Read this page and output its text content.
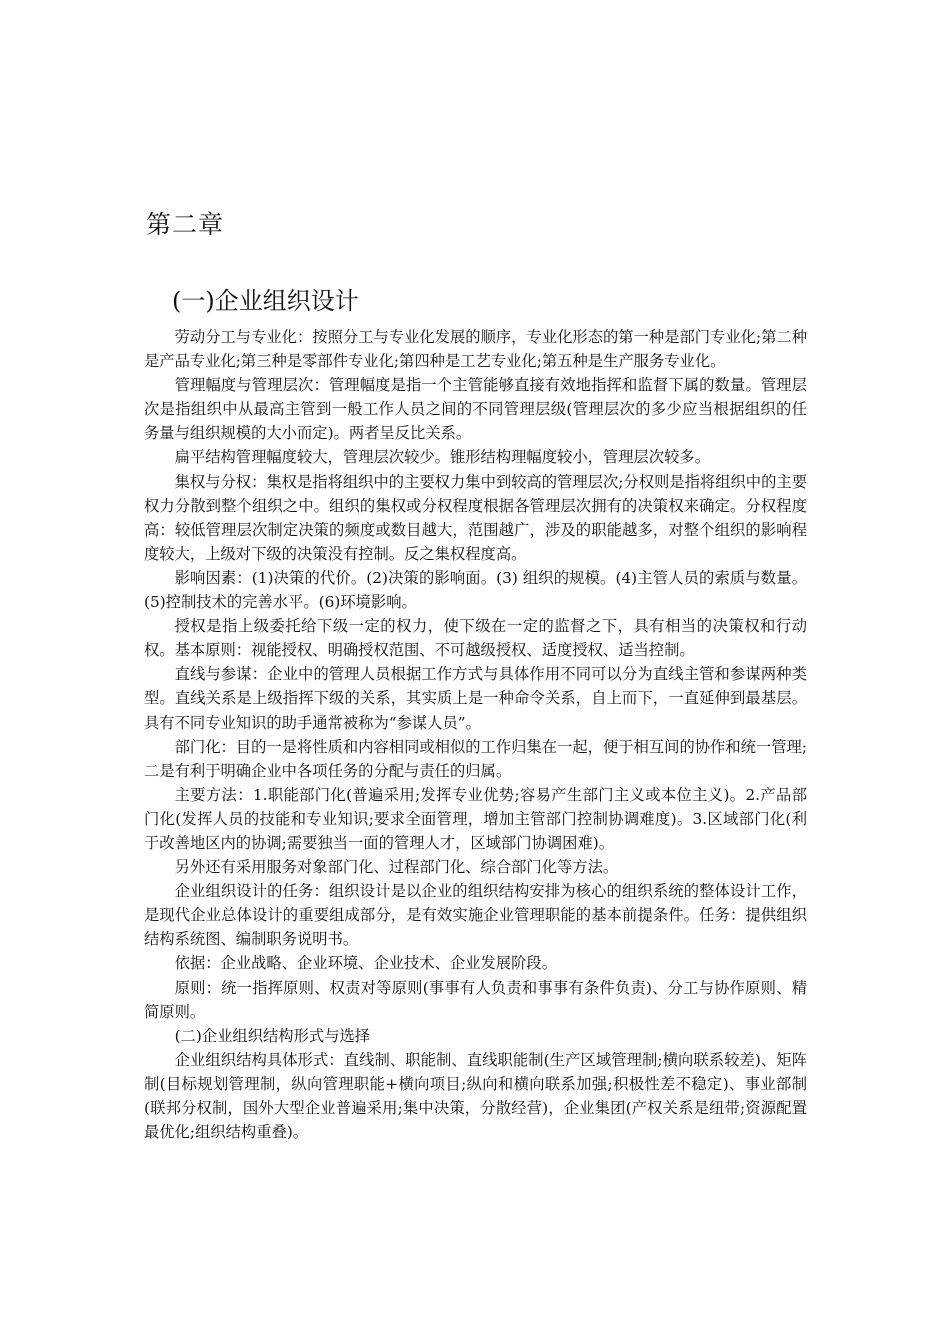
第二章
(一)企业组织设计

劳动分工与专业化：按照分工与专业化发展的顺序，专业化形态的第一种是部门专业化;第二种是产品专业化;第三种是零部件专业化;第四种是工艺专业化;第五种是生产服务专业化。

管理幅度与管理层次：管理幅度是指一个主管能够直接有效地指挥和监督下属的数量。管理层次是指组织中从最高主管到一般工作人员之间的不同管理层级(管理层次的多少应当根据组织的任务量与组织规模的大小而定)。两者呈反比关系。

扁平结构管理幅度较大，管理层次较少。锥形结构理幅度较小，管理层次较多。

集权与分权：集权是指将组织中的主要权力集中到较高的管理层次;分权则是指将组织中的主要权力分散到整个组织之中。组织的集权或分权程度根据各管理层次拥有的决策权来确定。分权程度高：较低管理层次制定决策的频度或数目越大，范围越广，涉及的职能越多，对整个组织的影响程度较大，上级对下级的决策没有控制。反之集权程度高。

影响因素：(1)决策的代价。(2)决策的影响面。(3) 组织的规模。(4)主管人员的索质与数量。(5)控制技术的完善水平。(6)环境影响。

授权是指上级委托给下级一定的权力，使下级在一定的监督之下，具有相当的决策权和行动权。基本原则：视能授权、明确授权范围、不可越级授权、适度授权、适当控制。

直线与参谋：企业中的管理人员根据工作方式与具体作用不同可以分为直线主管和参谋两种类型。直线关系是上级指挥下级的关系，其实质上是一种命令关系，自上而下，一直延伸到最基层。具有不同专业知识的助手通常被称为“参谋人员”。

部门化：目的一是将性质和内容相同或相似的工作归集在一起，便于相互间的协作和统一管理;二是有利于明确企业中各项任务的分配与责任的归属。

主要方法：1.职能部门化(普遍采用;发挥专业优势;容易产生部门主义或本位主义)。2.产品部门化(发挥人员的技能和专业知识;要求全面管理，增加主管部门控制协调难度)。3.区域部门化(利于改善地区内的协调;需要独当一面的管理人才，区域部门协调困难)。

另外还有采用服务对象部门化、过程部门化、综合部门化等方法。

企业组织设计的任务：组织设计是以企业的组织结构安排为核心的组织系统的整体设计工作，是现代企业总体设计的重要组成部分，是有效实施企业管理职能的基本前提条件。任务：提供组织结构系统图、编制职务说明书。

依据：企业战略、企业环境、企业技术、企业发展阶段。

原则：统一指挥原则、权责对等原则(事事有人负责和事事有条件负责)、分工与协作原则、精简原则。

(二)企业组织结构形式与选择

企业组织结构具体形式：直线制、职能制、直线职能制(生产区域管理制;横向联系较差)、矩阵制(目标规划管理制，纵向管理职能+横向项目;纵向和横向联系加强;积极性差不稳定)、事业部制(联邦分权制，国外大型企业普遍采用;集中决策，分散经营)，企业集团(产权关系是纽带;资源配置最优化;组织结构重叠)。
